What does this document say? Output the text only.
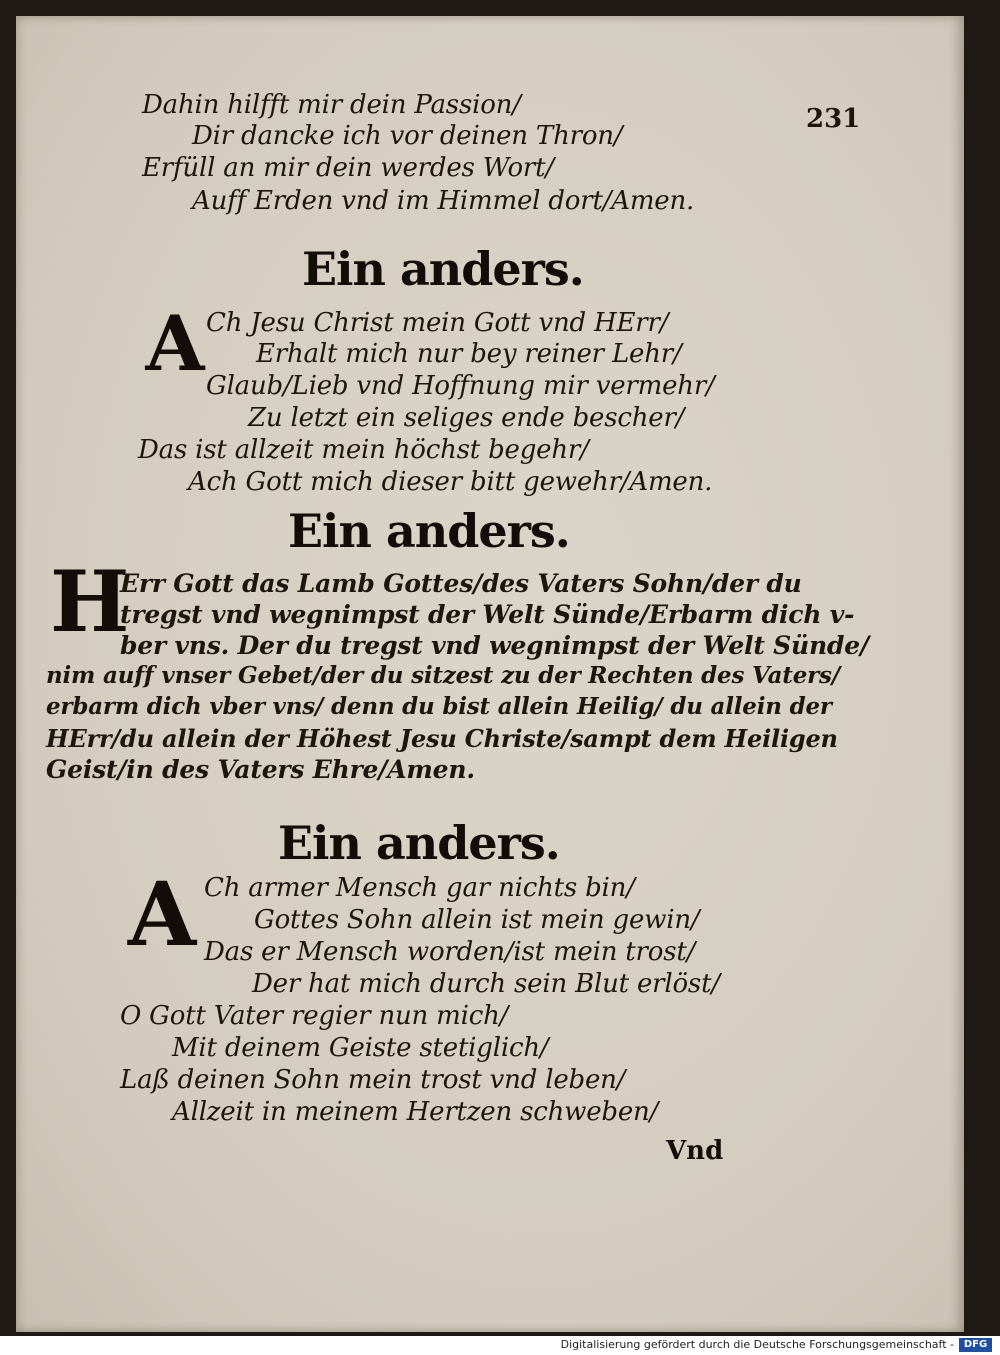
231
Dahin hilfft mir dein Passion/
Dir dancke ich vor deinen Thron/
Erfüll an mir dein werdes Wort/
Auff Erden vnd im Himmel dort/Amen.
Ein anders.
A Ch Jesu Christ mein Gott vnd HErr/
Erhalt mich nur bey reiner Lehr/
Glaub/Lieb vnd Hoffnung mir vermehr/
Zu letzt ein seliges ende bescher/
Das ist allzeit mein höchst begehr/
Ach Gott mich dieser bitt gewehr/Amen.
Ein anders.
H
Err Gott das Lamb Gottes/des Vaters Sohn/der du
tregst vnd wegnimpst der Welt Sünde/Erbarm dich v-
ber vns. Der du tregst vnd wegnimpst der Welt Sünde/
nim auff vnser Gebet/der du sitzest zu der Rechten des Vaters/
erbarm dich vber vns/ denn du bist allein Heilig/ du allein der
HErr/du allein der Höhest Jesu Christe/sampt dem Heiligen
Geist/in des Vaters Ehre/Amen.
Ein anders.
A Ch armer Mensch gar nichts bin/
Gottes Sohn allein ist mein gewin/
Das er Mensch worden/ist mein trost/
Der hat mich durch sein Blut erlöst/
O Gott Vater regier nun mich/
Mit deinem Geiste stetiglich/
Laß deinen Sohn mein trost vnd leben/
Allzeit in meinem Hertzen schweben/
Vnd
Digitalisierung gefördert durch die Deutsche Forschungsgemeinschaft - DFG
